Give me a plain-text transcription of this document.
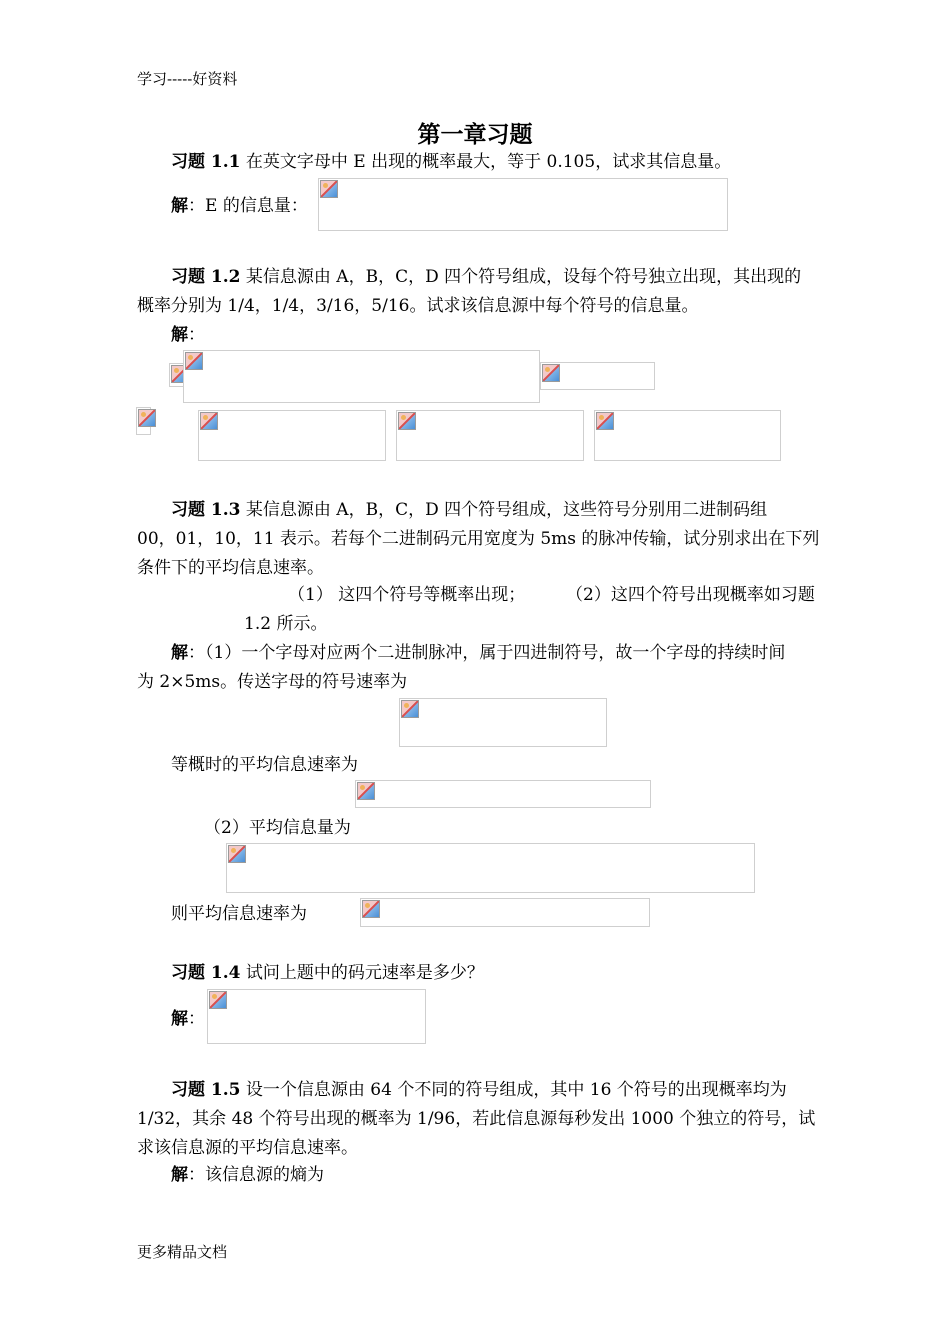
学习-----好资料
第一章习题
习题 1.1 在英文字母中 E 出现的概率最大，等于 0.105，试求其信息量。
解：E 的信息量：
习题 1.2 某信息源由 A，B，C，D 四个符号组成，设每个符号独立出现，其出现的
概率分别为 1/4，1/4，3/16，5/16。试求该信息源中每个符号的信息量。
解：
习题 1.3 某信息源由 A，B，C，D 四个符号组成，这些符号分别用二进制码组
00，01，10，11 表示。若每个二进制码元用宽度为 5ms 的脉冲传输，试分别求出在下列
条件下的平均信息速率。
（1） 这四个符号等概率出现； （2）这四个符号出现概率如习题
1.2 所示。
解：（1）一个字母对应两个二进制脉冲，属于四进制符号，故一个字母的持续时间
为 2×5ms。传送字母的符号速率为
等概时的平均信息速率为
（2）平均信息量为
则平均信息速率为
习题 1.4 试问上题中的码元速率是多少？
解：
习题 1.5 设一个信息源由 64 个不同的符号组成，其中 16 个符号的出现概率均为
1/32，其余 48 个符号出现的概率为 1/96，若此信息源每秒发出 1000 个独立的符号，试
求该信息源的平均信息速率。
解：该信息源的熵为
更多精品文档
